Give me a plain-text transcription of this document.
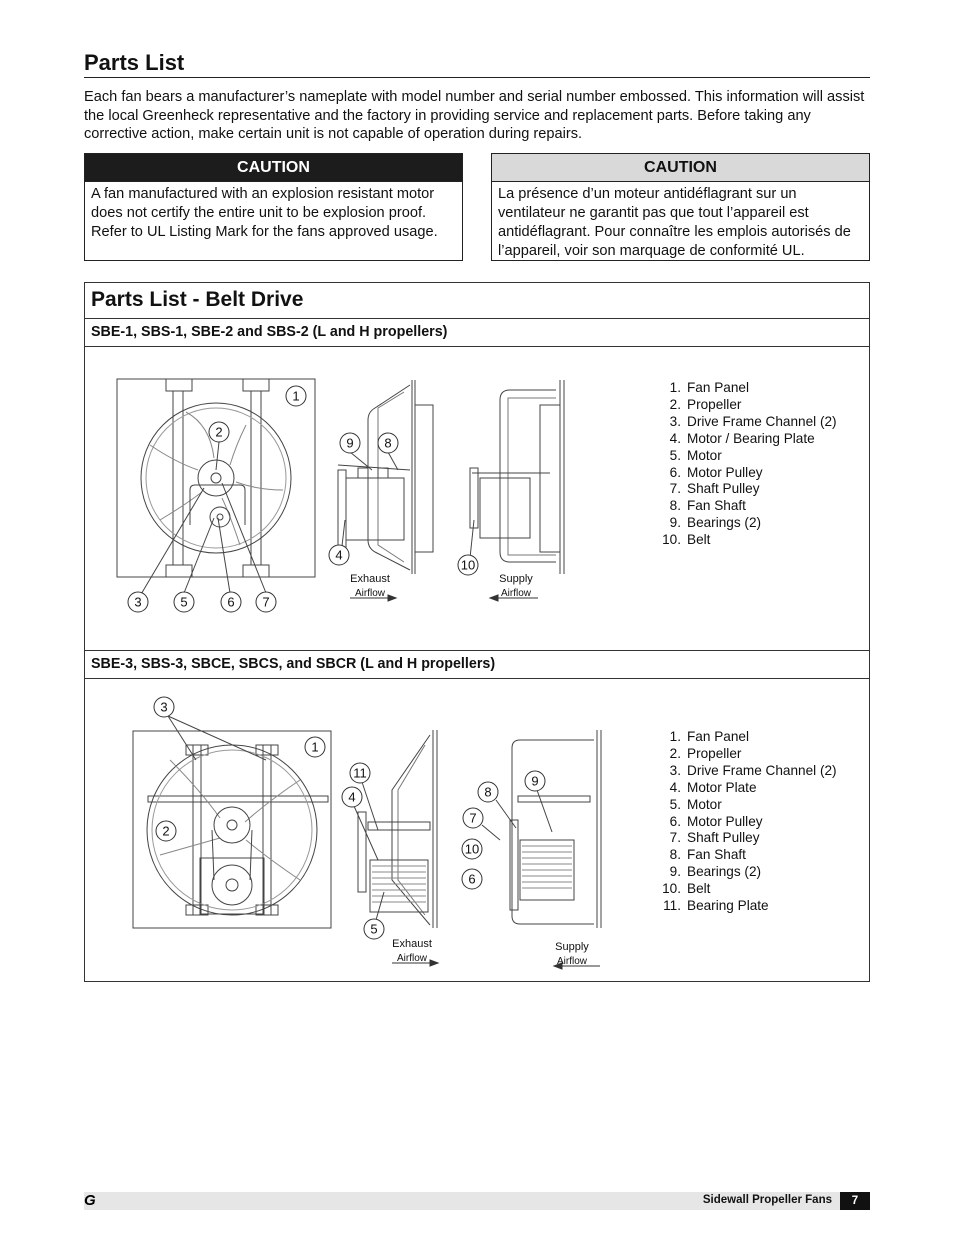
Parts List
Each fan bears a manufacturer’s nameplate with model number and serial number embossed. This information will assist the local Greenheck representative and the factory in providing service and replacement parts. Before taking any corrective action, make certain unit is not capable of operation during repairs.
CAUTION
A fan manufactured with an explosion resistant motor does not certify the entire unit to be explosion proof. Refer to UL Listing Mark for the fans approved usage.
CAUTION
La présence d’un moteur antidéflagrant sur un ventilateur ne garantit pas que tout l’appareil est antidéflagrant. Pour connaître les emplois autorisés de l’appareil, voir son marquage de conformité UL.
Parts List - Belt Drive
SBE-1, SBS-1, SBE-2 and SBS-2 (L and H propellers)
SBE-3, SBS-3, SBCE, SBCS, and SBCR (L and H propellers)
1. Fan Panel
2. Propeller
3. Drive Frame Channel (2)
4. Motor / Bearing Plate
5. Motor
6. Motor Pulley
7. Shaft Pulley
8. Fan Shaft
9. Bearings (2)
10. Belt
1. Fan Panel
2. Propeller
3. Drive Frame Channel (2)
4. Motor Plate
5. Motor
6. Motor Pulley
7. Shaft Pulley
8. Fan Shaft
9. Bearings (2)
10. Belt
11. Bearing Plate
1
2
3	5	6 7
9 8
4
10
Exhaust
Airflow
Supply
Airflow
3
1
2
11
4
5
8
9
7
10
6
Exhaust
Airflow
Supply
Airflow
G	Sidewall Propeller Fans	7
